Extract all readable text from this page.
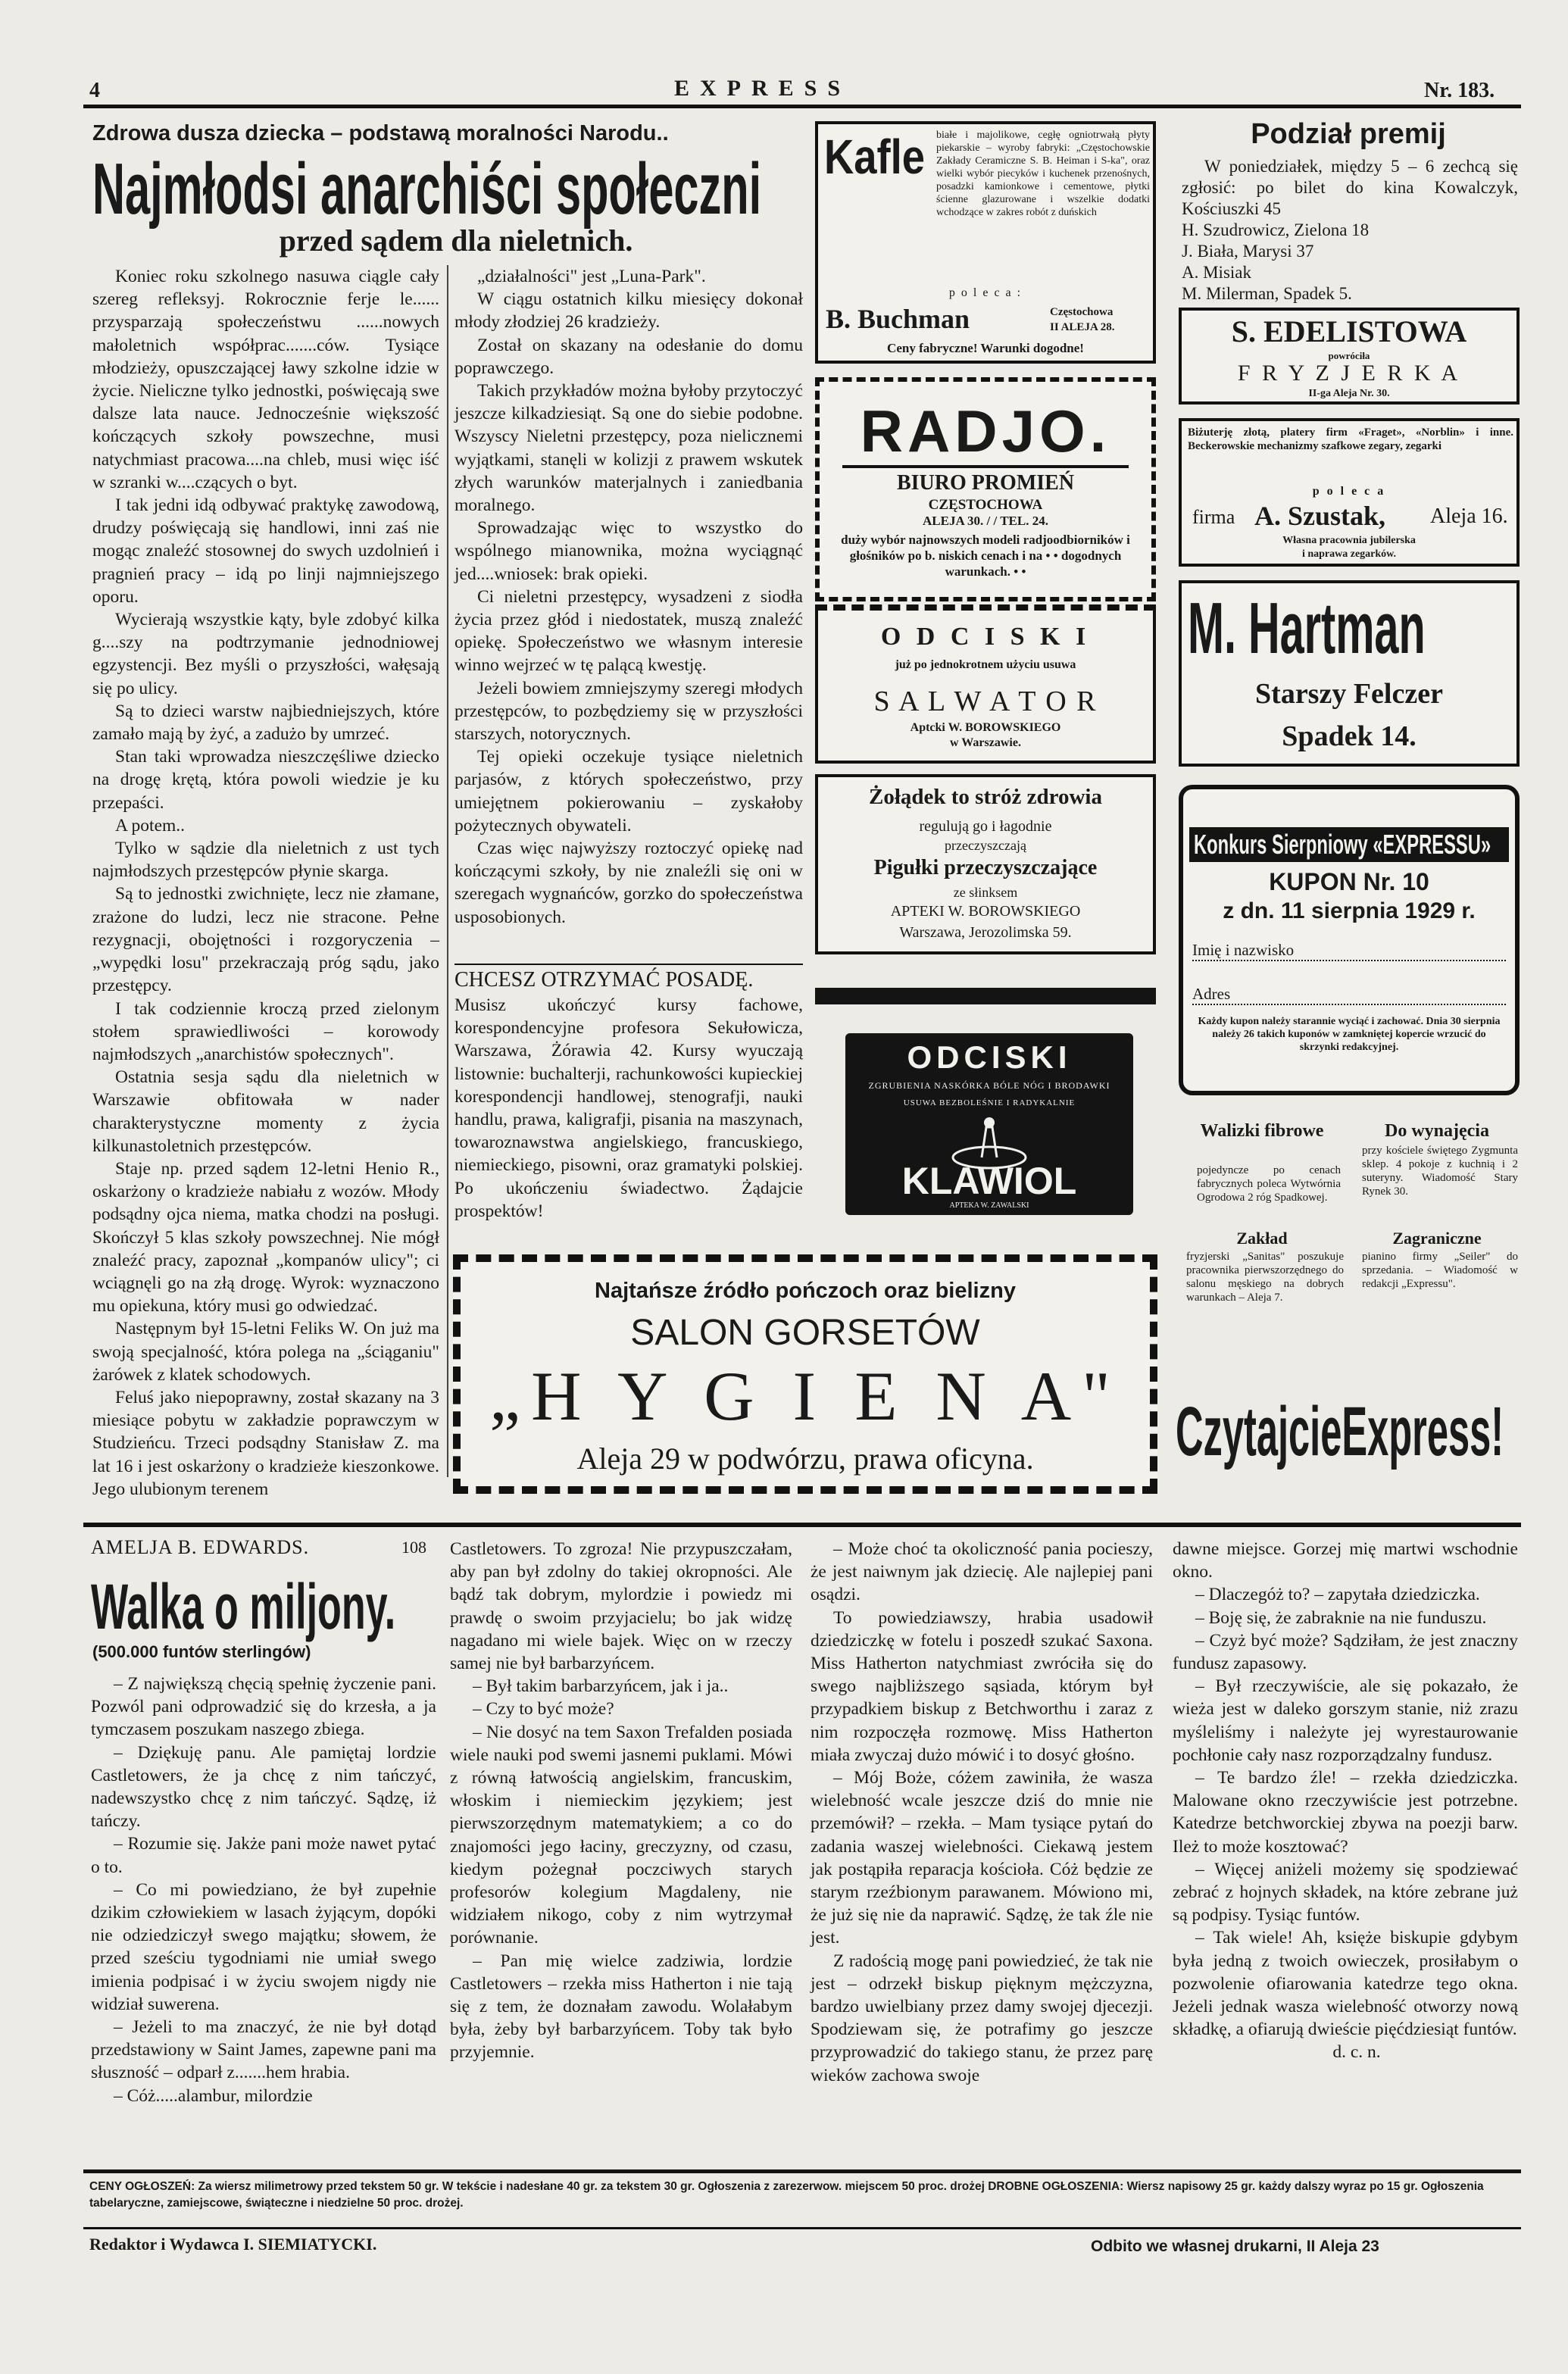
4	EXPRESS	Nr. 183.
Zdrowa dusza dziecka – podstawą moralności Narodu..
Najmłodsi anarchiści społeczni
przed sądem dla nieletnich.

Koniec roku szkolnego nasuwa ciągle cały szereg refleksyj. Rokrocznie ferje le...... przysparzają społeczeństwu ......nowych małoletnich współprac.......ców. Tysiące młodzieży, opuszczającej ławy szkolne idzie w życie. Nieliczne tylko jednostki, poświęcają swe dalsze lata nauce. Jednocześnie większość kończących szkoły powszechne, musi natychmiast pracowa....na chleb, musi więc iść w szranki w....czących o byt.

I tak jedni idą odbywać praktykę zawodową, drudzy poświęcają się handlowi, inni zaś nie mogąc znaleźć stosownej do swych uzdolnień i pragnień pracy – idą po linji najmniejszego oporu.

Wycierają wszystkie kąty, byle zdobyć kilka g....szy na podtrzymanie jednodniowej egzystencji. Bez myśli o przyszłości, wałęsają się po ulicy.

Są to dzieci warstw najbiedniejszych, które zamało mają by żyć, a zadużo by umrzeć.

Stan taki wprowadza nieszczęśliwe dziecko na drogę krętą, która powoli wiedzie je ku przepaści.

A potem..

Tylko w sądzie dla nieletnich z ust tych najmłodszych przestępców płynie skarga.

Są to jednostki zwichnięte, lecz nie złamane, zrażone do ludzi, lecz nie stracone. Pełne rezygnacji, obojętności i rozgoryczenia – „wypędki losu" przekraczają próg sądu, jako przestępcy.

I tak codziennie kroczą przed zielonym stołem sprawiedliwości – korowody najmłodszych „anarchistów społecznych".

Ostatnia sesja sądu dla nieletnich w Warszawie obfitowała w nader charakterystyczne momenty z życia kilkunastoletnich przestępców.

Staje np. przed sądem 12-letni Henio R., oskarżony o kradzieże nabiału z wozów. Młody podsądny ojca niema, matka chodzi na posługi. Skończył 5 klas szkoły powszechnej. Nie mógł znaleźć pracy, zapoznał „kompanów ulicy"; ci wciągnęli go na złą drogę. Wyrok: wyznaczono mu opiekuna, który musi go odwiedzać.

Następnym był 15-letni Feliks W. On już ma swoją specjalność, która polega na „ściąganiu" żarówek z klatek schodowych.

Feluś jako niepoprawny, został skazany na 3 miesiące pobytu w zakładzie poprawczym w Studzieńcu. Trzeci podsądny Stanisław Z. ma lat 16 i jest oskarżony o kradzieże kieszonkowe. Jego ulubionym terenem

„działalności" jest „Luna-Park".

W ciągu ostatnich kilku miesięcy dokonał młody złodziej 26 kradzieży.

Został on skazany na odesłanie do domu poprawczego.

Takich przykładów można byłoby przytoczyć jeszcze kilkadziesiąt. Są one do siebie podobne. Wszyscy Nieletni przestępcy, poza nielicznemi wyjątkami, stanęli w kolizji z prawem wskutek złych warunków materjalnych i zaniedbania moralnego.

Sprowadzając więc to wszystko do wspólnego mianownika, można wyciągnąć jed....wniosek: brak opieki.

Ci nieletni przestępcy, wysadzeni z siodła życia przez głód i niedostatek, muszą znaleźć opiekę. Społeczeństwo we własnym interesie winno wejrzeć w tę palącą kwestję.

Jeżeli bowiem zmniejszymy szeregi młodych przestępców, to pozbędziemy się w przyszłości starszych, notorycznych.

Tej opieki oczekuje tysiące nieletnich parjasów, z których społeczeństwo, przy umiejętnem pokierowaniu – zyskałoby pożytecznych obywateli.

Czas więc najwyższy roztoczyć opiekę nad kończącymi szkoły, by nie znaleźli się oni w szeregach wygnańców, gorzko do społeczeństwa usposobionych.

CHCESZ OTRZYMAĆ POSADĘ.

Musisz ukończyć kursy fachowe, korespondencyjne profesora Sekułowicza, Warszawa, Żórawia 42. Kursy wyuczają listownie: buchalterji, rachunkowości kupieckiej korespondencji handlowej, stenografji, nauki handlu, prawa, kaligrafji, pisania na maszynach, towaroznawstwa angielskiego, francuskiego, niemieckiego, pisowni, oraz gramatyki polskiej. Po ukończeniu świadectwo. Żądajcie prospektów!

Kafle białe i majolikowe, cegłę ogniotrwałą płyty piekarskie – wyroby fabryki: „Częstochowskie Zakłady Ceramiczne S. B. Heiman i S-ka", oraz wielki wybór piecyków i kuchenek przenośnych, posadzki kamionkowe i cementowe, płytki ścienne glazurowane i wszelkie dodatki wchodzące w zakres robót z duńskich
p o l e c a :
B. Buchman	Częstochowa
II ALEJA 28.
Ceny fabryczne! Warunki dogodne!
RADJO.
BIURO PROMIEŃ
CZĘSTOCHOWA
ALEJA 30. / / TEL. 24.
duży wybór najnowszych modeli radjoodbiorników i głośników po b. niskich cenach i na • • dogodnych warunkach. • •
O D C I S K I
już po jednokrotnem użyciu usuwa
S A L W A T O R
Aptcki W. BOROWSKIEGO
w Warszawie.
Żołądek to stróż zdrowia
regulują go i łagodnie
przeczyszczają
Pigułki przeczyszczające
ze słinksem
APTEKI W. BOROWSKIEGO
Warszawa, Jerozolimska 59.
ODCISKI
ZGRUBIENIA NASKÓRKA BÓLE NÓG I BRODAWKI
USUWA BEZBOLEŚNIE I RADYKALNIE
KLAWIOL
APTEKA W. ZAWALSKI
Najtańsze źródło pończoch oraz bielizny
SALON GORSETÓW
„H Y G I E N A"
Aleja 29 w podwórzu, prawa oficyna.
Podział premij

W poniedziałek, między 5 – 6 zechcą się zgłosić: po bilet do kina Kowalczyk, Kościuszki 45

H. Szudrowicz, Zielona 18
J. Biała, Marysi 37
A. Misiak
M. Milerman, Spadek 5.
S. EDELISTOWA
powróciła
F R Y Z J E R K A
II-ga Aleja Nr. 30.
Biżuterję złotą, platery firm «Fraget», «Norblin» i inne. Beckerowskie mechanizmy szafkowe zegary, zegarki
p o l e c a
firma A. Szustak, Aleja 16.
Własna pracownia jubilerska
i naprawa zegarków.
M. Hartman
Starszy Felczer
Spadek 14.
Konkurs Sierpniowy «EXPRESSU»
KUPON Nr. 10
z dn. 11 sierpnia 1929 r.
Imię i nazwisko
Adres
Każdy kupon należy starannie wyciąć i zachować. Dnia 30 sierpnia należy 26 takich kuponów w zamkniętej kopercie wrzucić do skrzynki redakcyjnej.
Walizki fibrowe
pojedyncze po cenach fabrycznych poleca Wytwórnia Ogrodowa 2 róg Spadkowej.
Do wynajęcia
przy kościele świętego Zygmunta sklep. 4 pokoje z kuchnią i 2 suteryny. Wiadomość Stary Rynek 30.
Zakład
fryzjerski „Sanitas" poszukuje pracownika pierwszorzędnego do salonu męskiego na dobrych warunkach – Aleja 7.
Zagraniczne
pianino firmy „Seiler" do sprzedania. – Wiadomość w redakcji „Expressu".
CzytajcieExpress!
AMELJA B. EDWARDS.	108
Walka o miljony.
(500.000 funtów sterlingów)

– Z największą chęcią spełnię życzenie pani. Pozwól pani odprowadzić się do krzesła, a ja tymczasem poszukam naszego zbiega.

– Dziękuję panu. Ale pamiętaj lordzie Castletowers, że ja chcę z nim tańczyć, nadewszystko chcę z nim tańczyć. Sądzę, iż tańczy.

– Rozumie się. Jakże pani może nawet pytać o to.

– Co mi powiedziano, że był zupełnie dzikim człowiekiem w lasach żyjącym, dopóki nie odziedziczył swego majątku; słowem, że przed sześciu tygodniami nie umiał swego imienia podpisać i w życiu swojem nigdy nie widział suwerena.

– Jeżeli to ma znaczyć, że nie był dotąd przedstawiony w Saint James, zapewne pani ma słuszność – odparł z.......hem hrabia.

– Cóż.....alambur, milordzie

Castletowers. To zgroza! Nie przypuszczałam, aby pan był zdolny do takiej okropności. Ale bądź tak dobrym, mylordzie i powiedz mi prawdę o swoim przyjacielu; bo jak widzę nagadano mi wiele bajek. Więc on w rzeczy samej nie był barbarzyńcem.

– Był takim barbarzyńcem, jak i ja..

– Czy to być może?

– Nie dosyć na tem Saxon Trefalden posiada wiele nauki pod swemi jasnemi puklami. Mówi z równą łatwością angielskim, francuskim, włoskim i niemieckim językiem; jest pierwszorzędnym matematykiem; a co do znajomości jego łaciny, greczyzny, od czasu, kiedym pożegnał poczciwych starych profesorów kolegium Magdaleny, nie widziałem nikogo, coby z nim wytrzymał porównanie.

– Pan mię wielce zadziwia, lordzie Castletowers – rzekła miss Hatherton i nie tają się z tem, że doznałam zawodu. Wolałabym była, żeby był barbarzyńcem. Toby tak było przyjemnie.

– Może choć ta okoliczność pania pocieszy, że jest naiwnym jak dziecię. Ale najlepiej pani osądzi.

To powiedziawszy, hrabia usadowił dziedziczkę w fotelu i poszedł szukać Saxona. Miss Hatherton natychmiast zwróciła się do swego najbliższego sąsiada, którym był przypadkiem biskup z Betchworthu i zaraz z nim rozpoczęła rozmowę. Miss Hatherton miała zwyczaj dużo mówić i to dosyć głośno.

– Mój Boże, cóżem zawiniła, że wasza wielebność wcale jeszcze dziś do mnie nie przemówił? – rzekła. – Mam tysiące pytań do zadania waszej wielebności. Ciekawą jestem jak postąpiła reparacja kościoła. Cóż będzie ze starym rzeźbionym parawanem. Mówiono mi, że już się nie da naprawić. Sądzę, że tak źle nie jest.

Z radością mogę pani powiedzieć, że tak nie jest – odrzekł biskup pięknym mężczyzna, bardzo uwielbiany przez damy swojej djecezji. Spodziewam się, że potrafimy go jeszcze przyprowadzić do takiego stanu, że przez parę wieków zachowa swoje

dawne miejsce. Gorzej mię martwi wschodnie okno.

– Dlaczegóż to? – zapytała dziedziczka.

– Boję się, że zabraknie na nie funduszu.

– Czyż być może? Sądziłam, że jest znaczny fundusz zapasowy.

– Był rzeczywiście, ale się pokazało, że wieża jest w daleko gorszym stanie, niż zrazu myśleliśmy i należyte jej wyrestaurowanie pochłonie cały nasz rozporządzalny fundusz.

– Te bardzo źle! – rzekła dziedziczka. Malowane okno rzeczywiście jest potrzebne. Katedrze betchworckiej zbywa na poezji barw. Ileż to może kosztować?

– Więcej aniżeli możemy się spodziewać zebrać z hojnych składek, na które zebrane już są podpisy. Tysiąc funtów.

– Tak wiele! Ah, księże biskupie gdybym była jedną z twoich owieczek, prosiłabym o pozwolenie ofiarowania katedrze tego okna. Jeżeli jednak wasza wielebność otworzy nową składkę, a ofiarują dwieście pięćdziesiąt funtów.

d. c. n.

CENY OGŁOSZEŃ: Za wiersz milimetrowy przed tekstem 50 gr. W tekście i nadesłane 40 gr. za tekstem 30 gr. Ogłoszenia z zarezerwow. miejscem 50 proc. drożej DROBNE OGŁOSZENIA: Wiersz napisowy 25 gr. każdy dalszy wyraz po 15 gr. Ogłoszenia tabelaryczne, zamiejscowe, świąteczne i niedzielne 50 proc. drożej.
Redaktor i Wydawca I. SIEMIATYCKI.	Odbito we własnej drukarni, II Aleja 23
